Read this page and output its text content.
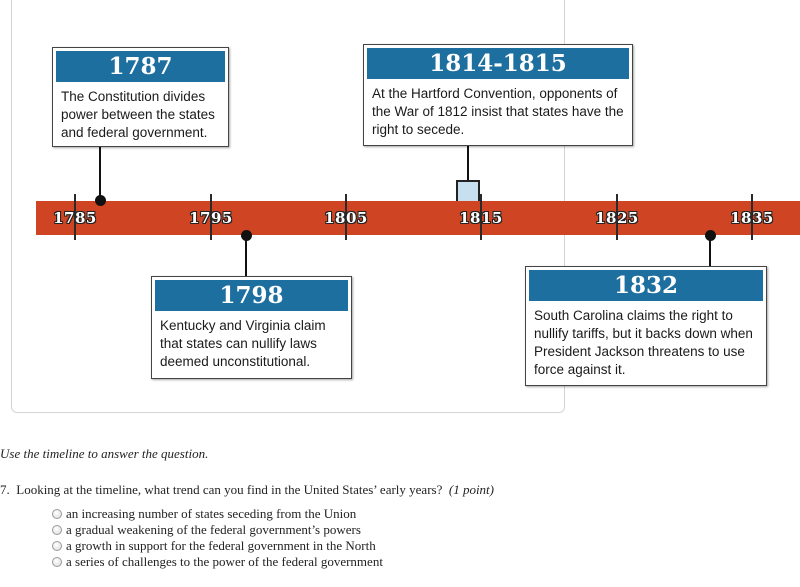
1785	1795	1805	1815	1825	1835
1787
The Constitution divides power between the states and federal government.
1814-1815
At the Hartford Convention, opponents of the War of 1812 insist that states have the right to secede.
1798
Kentucky and Virginia claim that states can nullify laws deemed unconstitutional.
1832
South Carolina claims the right to nullify tariffs, but it backs down when President Jackson threatens to use force against it.
Use the timeline to answer the question.
7. Looking at the timeline, what trend can you find in the United States’ early years? (1 point)
an increasing number of states seceding from the Union
a gradual weakening of the federal government’s powers
a growth in support for the federal government in the North
a series of challenges to the power of the federal government
